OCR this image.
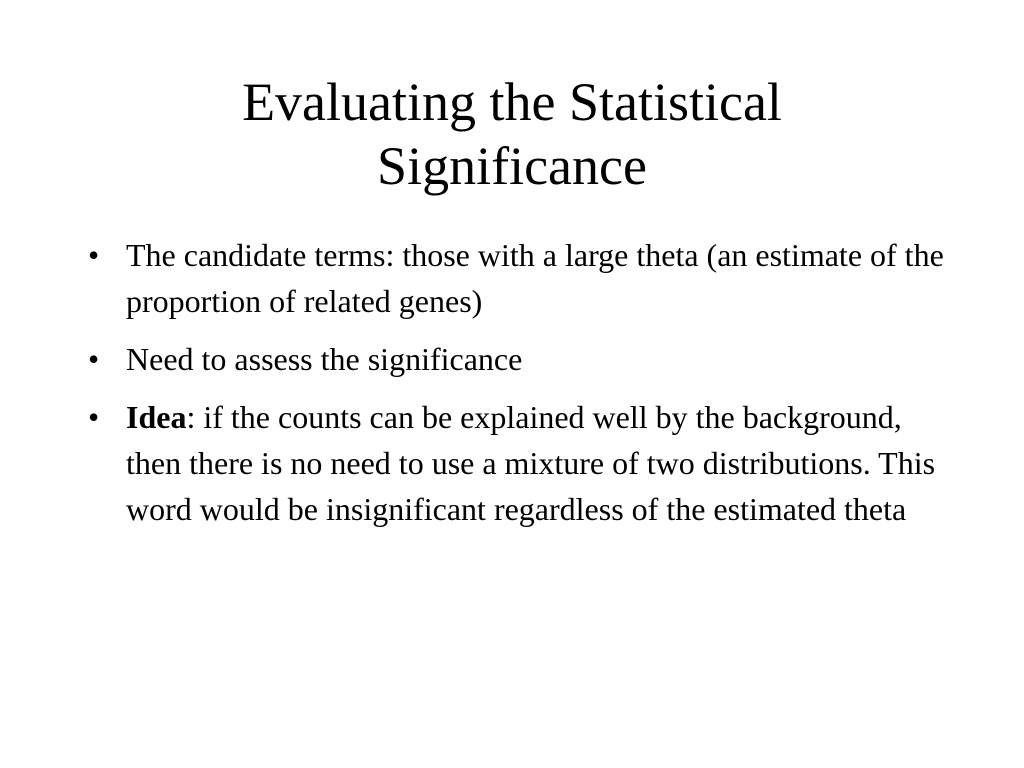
Evaluating the Statistical
Significance
• The candidate terms: those with a large theta (an estimate of the proportion of related genes)
• Need to assess the significance
• Idea: if the counts can be explained well by the background, then there is no need to use a mixture of two distributions. This word would be insignificant regardless of the estimated theta
